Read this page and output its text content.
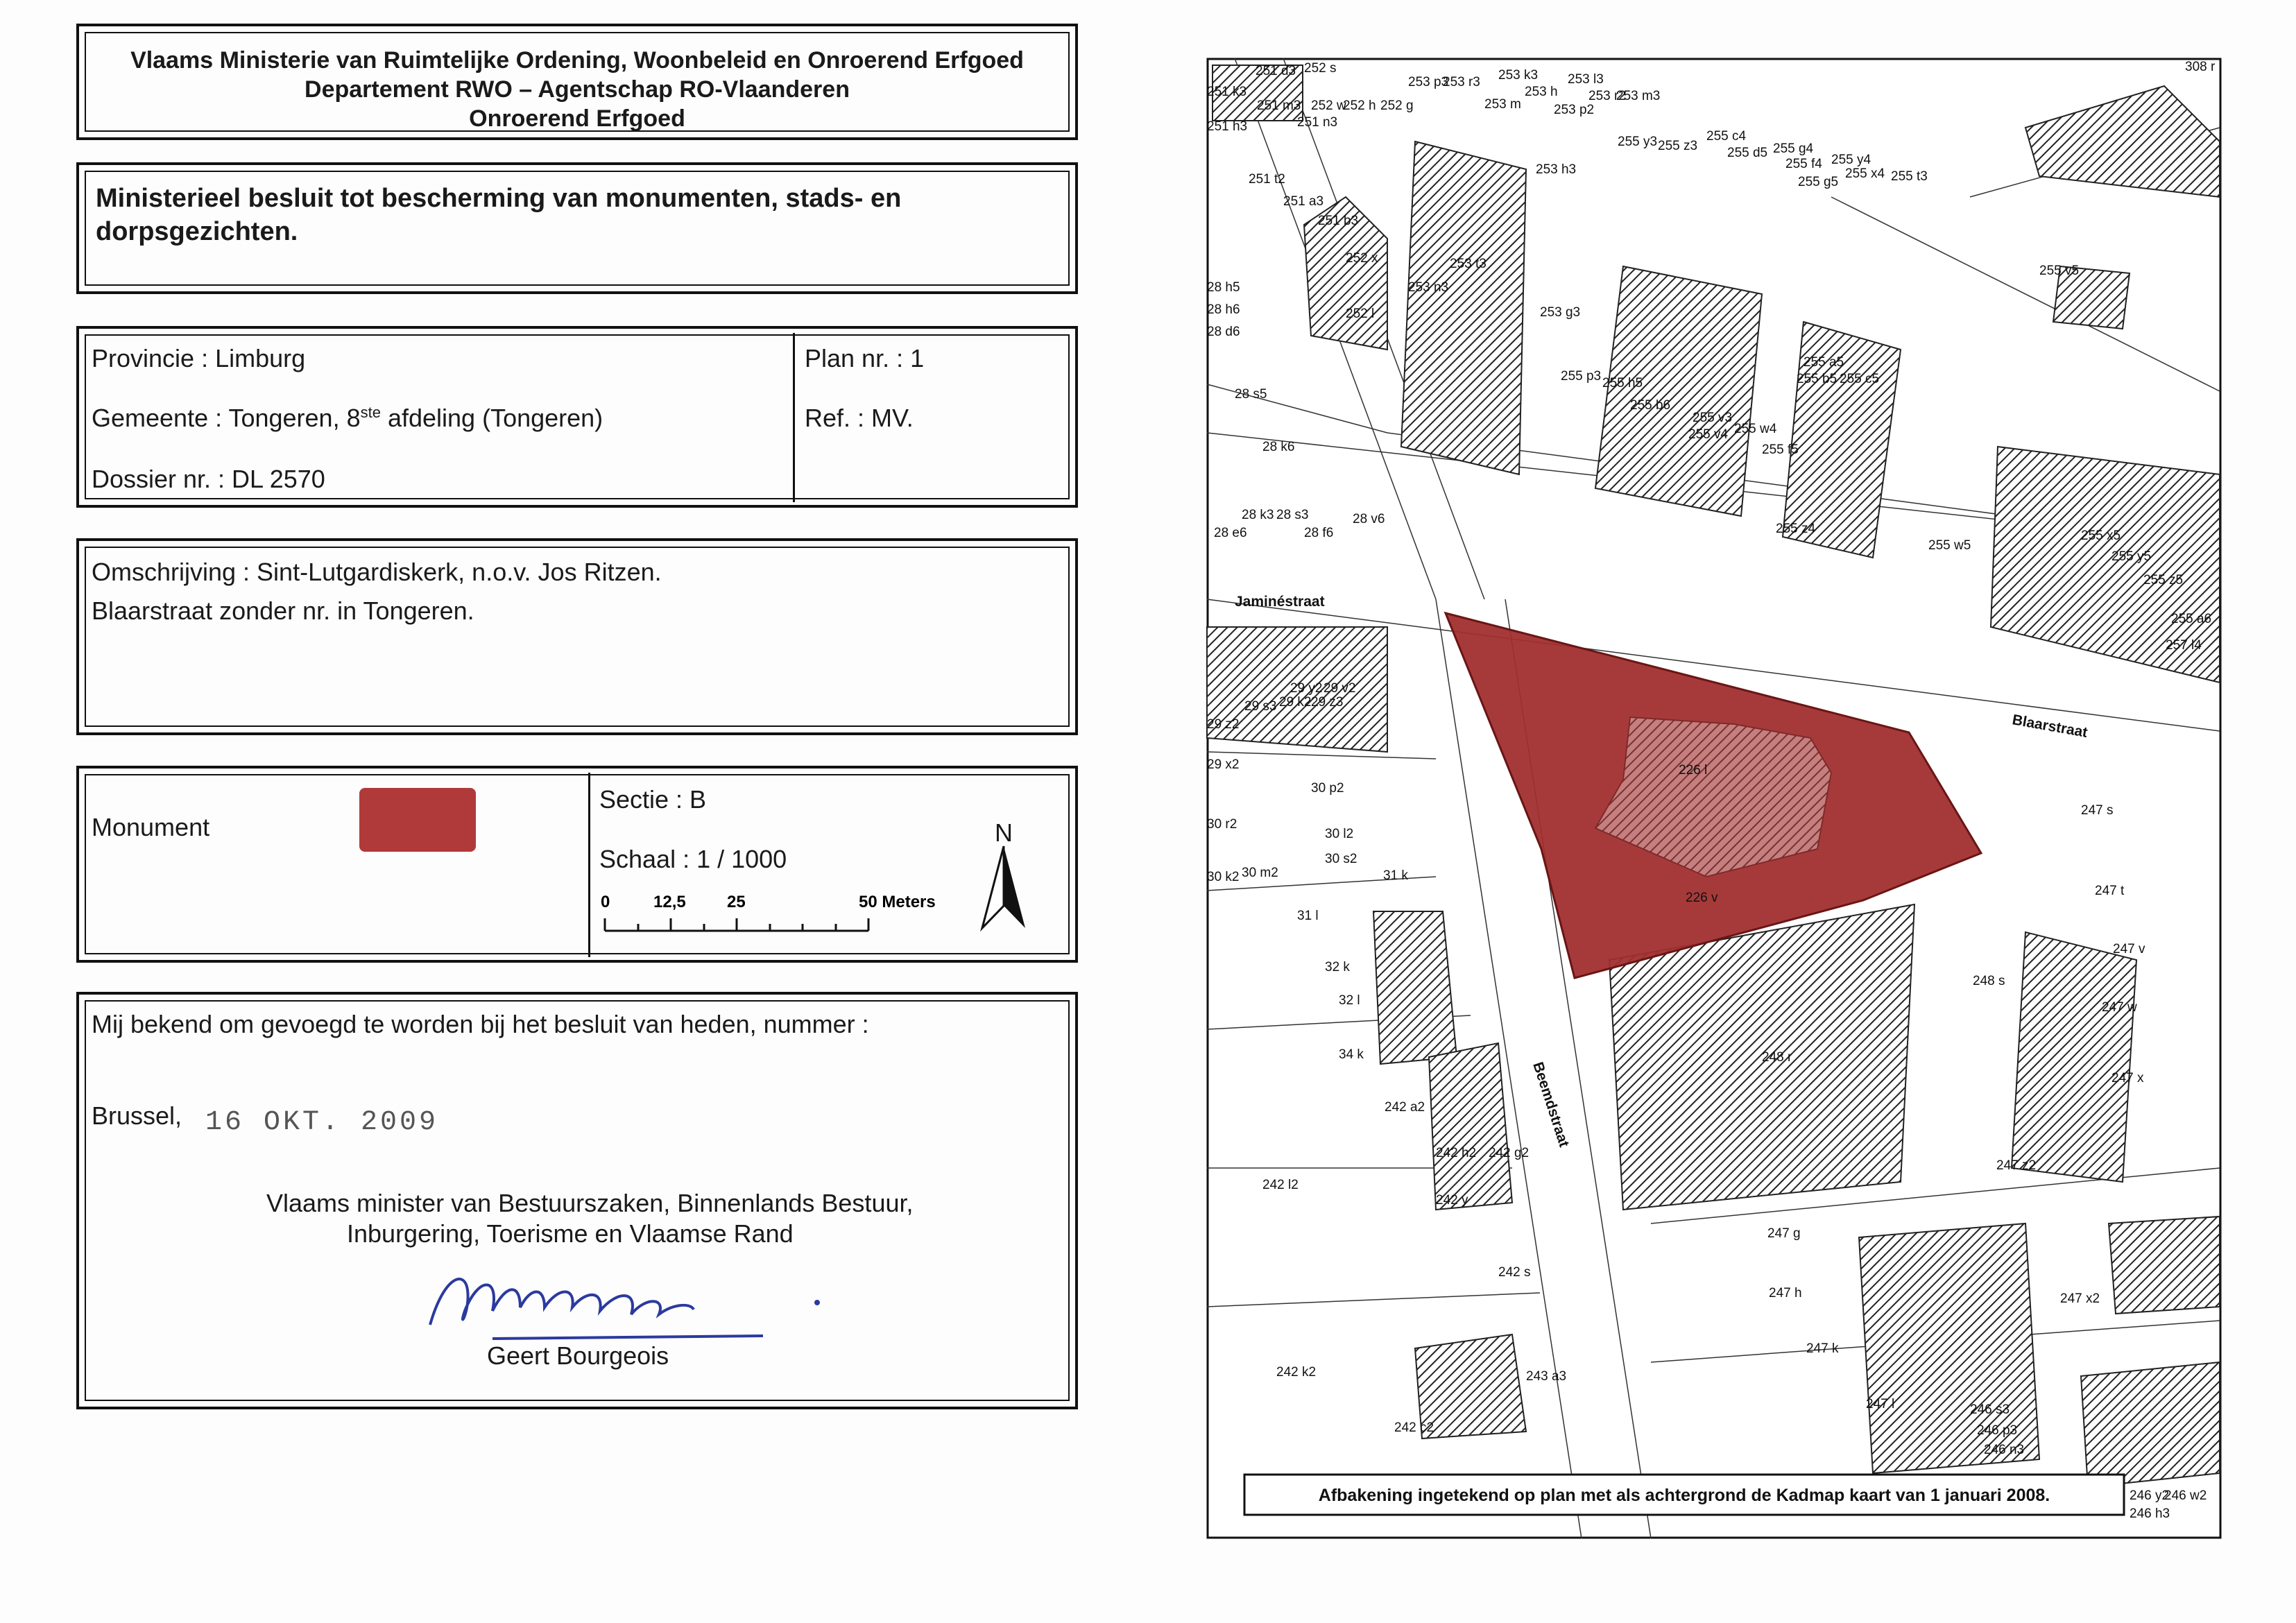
Vlaams Ministerie van Ruimtelijke Ordening, Woonbeleid en Onroerend Erfgoed
Departement RWO – Agentschap RO-Vlaanderen
Onroerend Erfgoed
Ministerieel besluit tot bescherming van monumenten, stads- en
dorpsgezichten.
Provincie : Limburg
Gemeente : Tongeren, 8ste afdeling (Tongeren)
Dossier nr. : DL 2570
Plan nr. : 1
Ref. : MV.
Omschrijving : Sint-Lutgardiskerk, n.o.v. Jos Ritzen.
Blaarstraat zonder nr. in Tongeren.
Monument
Sectie : B
Schaal : 1 / 1000
0	12,5 25	50 Meters
N
Mij bekend om gevoegd te worden bij het besluit van heden, nummer :
Brussel, 16 OKT. 2009
Vlaams minister van Bestuurszaken, Binnenlands Bestuur,
Inburgering, Toerisme en Vlaamse Rand
Geert Bourgeois
Jaminéstraat
Blaarstraat
Beemdstraat
251 d3 252 s
251 k3
251 m3 252 w
252 h 252 g
251 h3	251 n3
253 p3
253 r3 253 k3
253 h
253 m
253 l3
253 r2
253 m3
253 p2
308 r
251 t2
251 a3
251 b3
252 x
252 l
253 h3
255 y3 255 z3
255 c4
255 d5 255 g4
255 f4
255 g5
255 y4
255 x4 255 t3
253 t3
253 n3
253 g3
255 v5
28 h5
28 h6
28 d6
28 s5
28 k6
255 p3 255 h5
255 b6
255 a5
255 b5 255 c5
255 v3
255 v4 255 w4
255 f5
28 k3 28 s3
28 e6	28 f6
28 v6
255 z4
255 w5
255 x5
255 y5
255 z5
255 a6
257 l4
29 y2 29 v2
29 s3 29 k2 29 z3
29 z2
29 x2
30 p2
30 r2
30 l2
30 k2 30 m2
30 s2
31 k
31 l
226 l
226 v
247 s
247 t
247 v
247 w
247 x
32 k
32 l
34 k
248 s
248 r
242 a2
242 h2 242 g2
242 y
242 l2
242 s
247 z2
247 g
247 h	247 x2
247 l
242 k2	243 a3
242 c2
247 k
246 s3
246 p3
246 n3
246 w2
246 h3
246 y2
Afbakening ingetekend op plan met als achtergrond de Kadmap kaart van 1 januari 2008.
